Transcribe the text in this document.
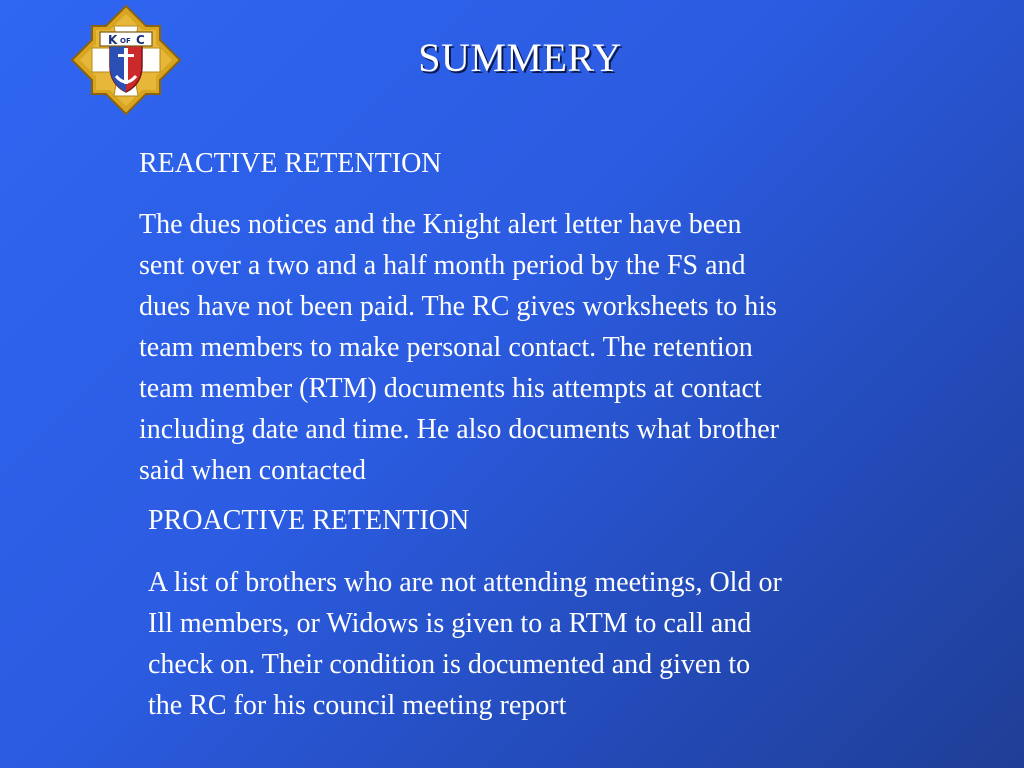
K OF C	SUMMERY

REACTIVE RETENTION

The dues notices and the Knight alert letter have been
sent over a two and a half month period by the FS and
dues have not been paid. The RC gives worksheets to his
team members to make personal contact. The retention
team member (RTM) documents his attempts at contact
including date and time. He also documents what brother
said when contacted

PROACTIVE RETENTION

A list of brothers who are not attending meetings, Old or
Ill members, or Widows is given to a RTM to call and
check on. Their condition is documented and given to
the RC for his council meeting report
